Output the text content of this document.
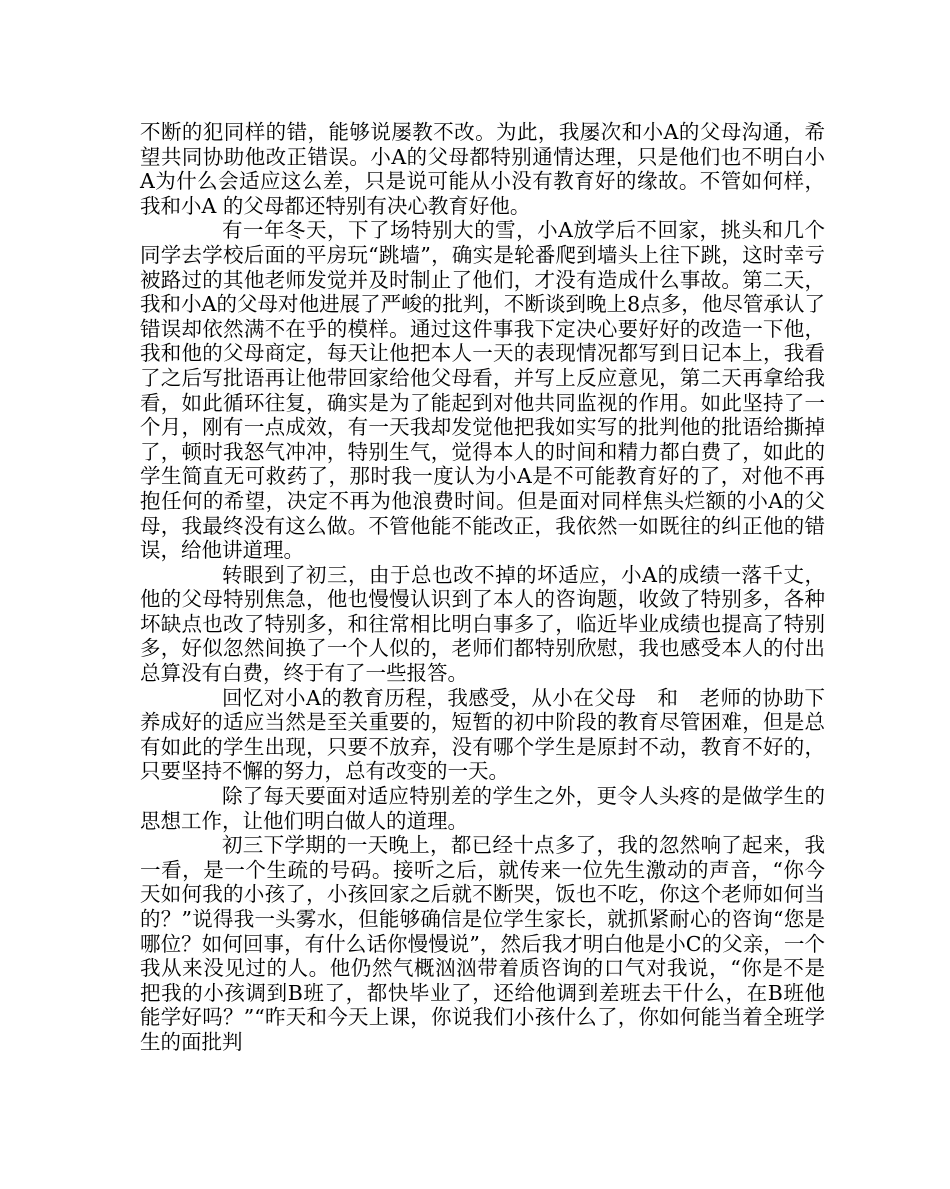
不断的犯同样的错，能够说屡教不改。为此，我屡次和小A的父母沟通，希望共同协助他改正错误。小A的父母都特别通情达理，只是他们也不明白小A为什么会适应这么差，只是说可能从小没有教育好的缘故。不管如何样，我和小A 的父母都还特别有决心教育好他。

有一年冬天，下了场特别大的雪，小A放学后不回家，挑头和几个同学去学校后面的平房玩“跳墙”，确实是轮番爬到墙头上往下跳，这时幸亏被路过的其他老师发觉并及时制止了他们，才没有造成什么事故。第二天，我和小A的父母对他进展了严峻的批判，不断谈到晚上8点多，他尽管承认了错误却依然满不在乎的模样。通过这件事我下定决心要好好的改造一下他，我和他的父母商定，每天让他把本人一天的表现情况都写到日记本上，我看了之后写批语再让他带回家给他父母看，并写上反应意见，第二天再拿给我看，如此循环往复，确实是为了能起到对他共同监视的作用。如此坚持了一个月，刚有一点成效，有一天我却发觉他把我如实写的批判他的批语给撕掉了，顿时我怒气冲冲，特别生气，觉得本人的时间和精力都白费了，如此的学生简直无可救药了，那时我一度认为小A是不可能教育好的了，对他不再抱任何的希望，决定不再为他浪费时间。但是面对同样焦头烂额的小A的父母，我最终没有这么做。不管他能不能改正，我依然一如既往的纠正他的错误，给他讲道理。

转眼到了初三，由于总也改不掉的坏适应，小A的成绩一落千丈，他的父母特别焦急，他也慢慢认识到了本人的咨询题，收敛了特别多，各种坏缺点也改了特别多，和往常相比明白事多了，临近毕业成绩也提高了特别多，好似忽然间换了一个人似的，老师们都特别欣慰，我也感受本人的付出总算没有白费，终于有了一些报答。

回忆对小A的教育历程，我感受，从小在父母　和　老师的协助下养成好的适应当然是至关重要的，短暂的初中阶段的教育尽管困难，但是总有如此的学生出现，只要不放弃，没有哪个学生是原封不动，教育不好的，只要坚持不懈的努力，总有改变的一天。

除了每天要面对适应特别差的学生之外，更令人头疼的是做学生的思想工作，让他们明白做人的道理。

初三下学期的一天晚上，都已经十点多了，我的忽然响了起来，我一看，是一个生疏的号码。接听之后，就传来一位先生激动的声音，“你今天如何我的小孩了，小孩回家之后就不断哭，饭也不吃，你这个老师如何当的？”说得我一头雾水，但能够确信是位学生家长，就抓紧耐心的咨询“您是哪位？如何回事，有什么话你慢慢说”，然后我才明白他是小C的父亲，一个我从来没见过的人。他仍然气概汹汹带着质咨询的口气对我说，“你是不是把我的小孩调到B班了，都快毕业了，还给他调到差班去干什么，在B班他能学好吗？”“昨天和今天上课，你说我们小孩什么了，你如何能当着全班学生的面批判
